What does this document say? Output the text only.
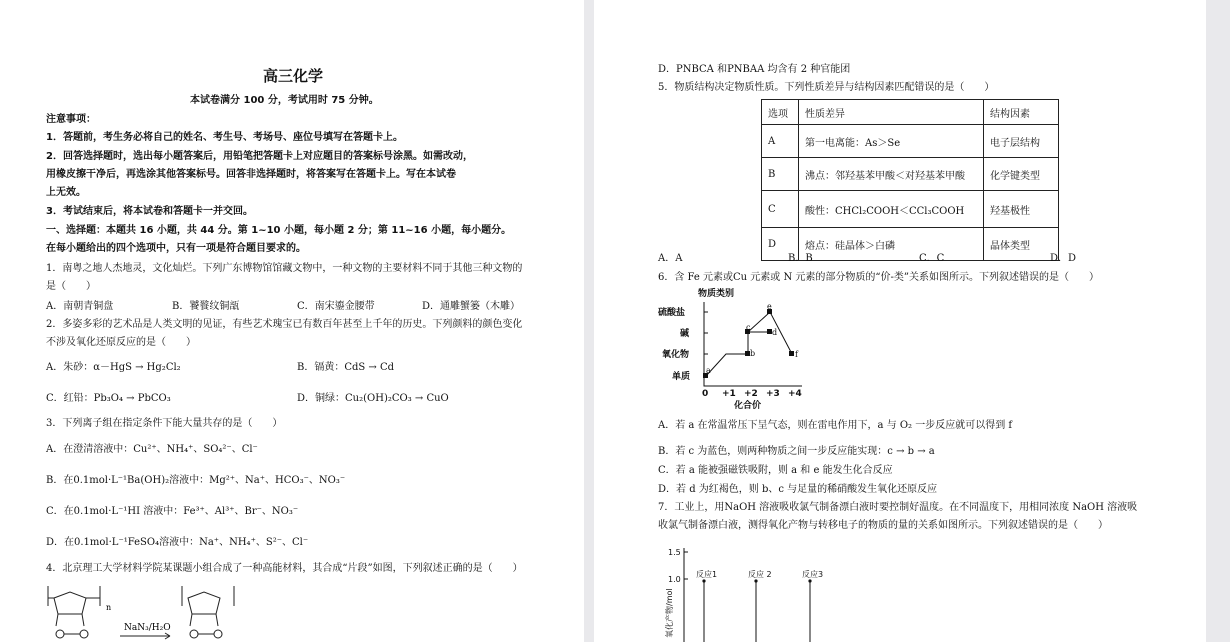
高三化学
本试卷满分 100 分，考试用时 75 分钟。
注意事项：
1．答题前，考生务必将自己的姓名、考生号、考场号、座位号填写在答题卡上。
2．回答选择题时，选出每小题答案后，用铅笔把答题卡上对应题目的答案标号涂黑。如需改动，
用橡皮擦干净后，再选涂其他答案标号。回答非选择题时，将答案写在答题卡上。写在本试卷
上无效。
3．考试结束后，将本试卷和答题卡一并交回。
一、选择题：本题共 16 小题，共 44 分。第 1~10 小题，每小题 2 分；第 11~16 小题，每小题分。
在每小题给出的四个选项中，只有一项是符合题目要求的。
1．南粤之地人杰地灵，文化灿烂。下列广东博物馆馆藏文物中，一种文物的主要材料不同于其他三种文物的
是（　　）
A．南朝青铜盘	B．饕餮纹铜瓿	C．南宋鎏金腰带	D．通雕蟹篓（木雕）
2．多姿多彩的艺术品是人类文明的见证，有些艺术瑰宝已有数百年甚至上千年的历史。下列颜料的颜色变化
不涉及氧化还原反应的是（　　）
A．朱砂：α－HgS → Hg₂Cl₂	B．镉黄：CdS → Cd
C．红铅：Pb₃O₄ → PbCO₃	D．铜绿：Cu₂(OH)₂CO₃ → CuO
3．下列离子组在指定条件下能大量共存的是（　　）
A．在澄清溶液中：Cu²⁺、NH₄⁺、SO₄²⁻、Cl⁻
B．在0.1mol·L⁻¹Ba(OH)₂溶液中：Mg²⁺、Na⁺、HCO₃⁻、NO₃⁻
C．在0.1mol·L⁻¹HI 溶液中：Fe³⁺、Al³⁺、Br⁻、NO₃⁻
D．在0.1mol·L⁻¹FeSO₄溶液中：Na⁺、NH₄⁺、S²⁻、Cl⁻
4．北京理工大学材料学院某课题小组合成了一种高能材料，其合成“片段”如图，下列叙述正确的是（　　）
n
NaN₃/H₂O
D．PNBCA 和PNBAA 均含有 2 种官能团
5．物质结构决定物质性质。下列性质差异与结构因素匹配错误的是（　　）
选项	性质差异	结构因素
A	第一电离能：As＞Se	电子层结构
B	沸点：邻羟基苯甲酸＜对羟基苯甲酸	化学键类型
C	酸性：CHCl₂COOH＜CCl₃COOH	羟基极性
D	熔点：硅晶体＞白磷	晶体类型
A．A	B．B	C．C	D．D
6．含 Fe 元素或Cu 元素或 N 元素的部分物质的“价-类”关系如图所示。下列叙述错误的是（　　）
物质类别
硫酸盐
碱
氧化物
单质
0 +1 +2 +3 +4
化合价
a
b
c
d
e
f
A．若 a 在常温常压下呈气态，则在雷电作用下，a 与 O₂ 一步反应就可以得到 f
B．若 c 为蓝色，则两种物质之间一步反应能实现：c → b → a
C．若 a 能被强磁铁吸附，则 a 和 e 能发生化合反应
D．若 d 为红褐色，则 b、c 与足量的稀硝酸发生氧化还原反应
7．工业上，用NaOH 溶液吸收氯气制备漂白液时要控制好温度。在不同温度下，用相同浓度 NaOH 溶液吸
收氯气制备漂白液，测得氧化产物与转移电子的物质的量的关系如图所示。下列叙述错误的是（　　）
1.5
1.0
氧化产物/mol
反应1	反应 2	反应3
